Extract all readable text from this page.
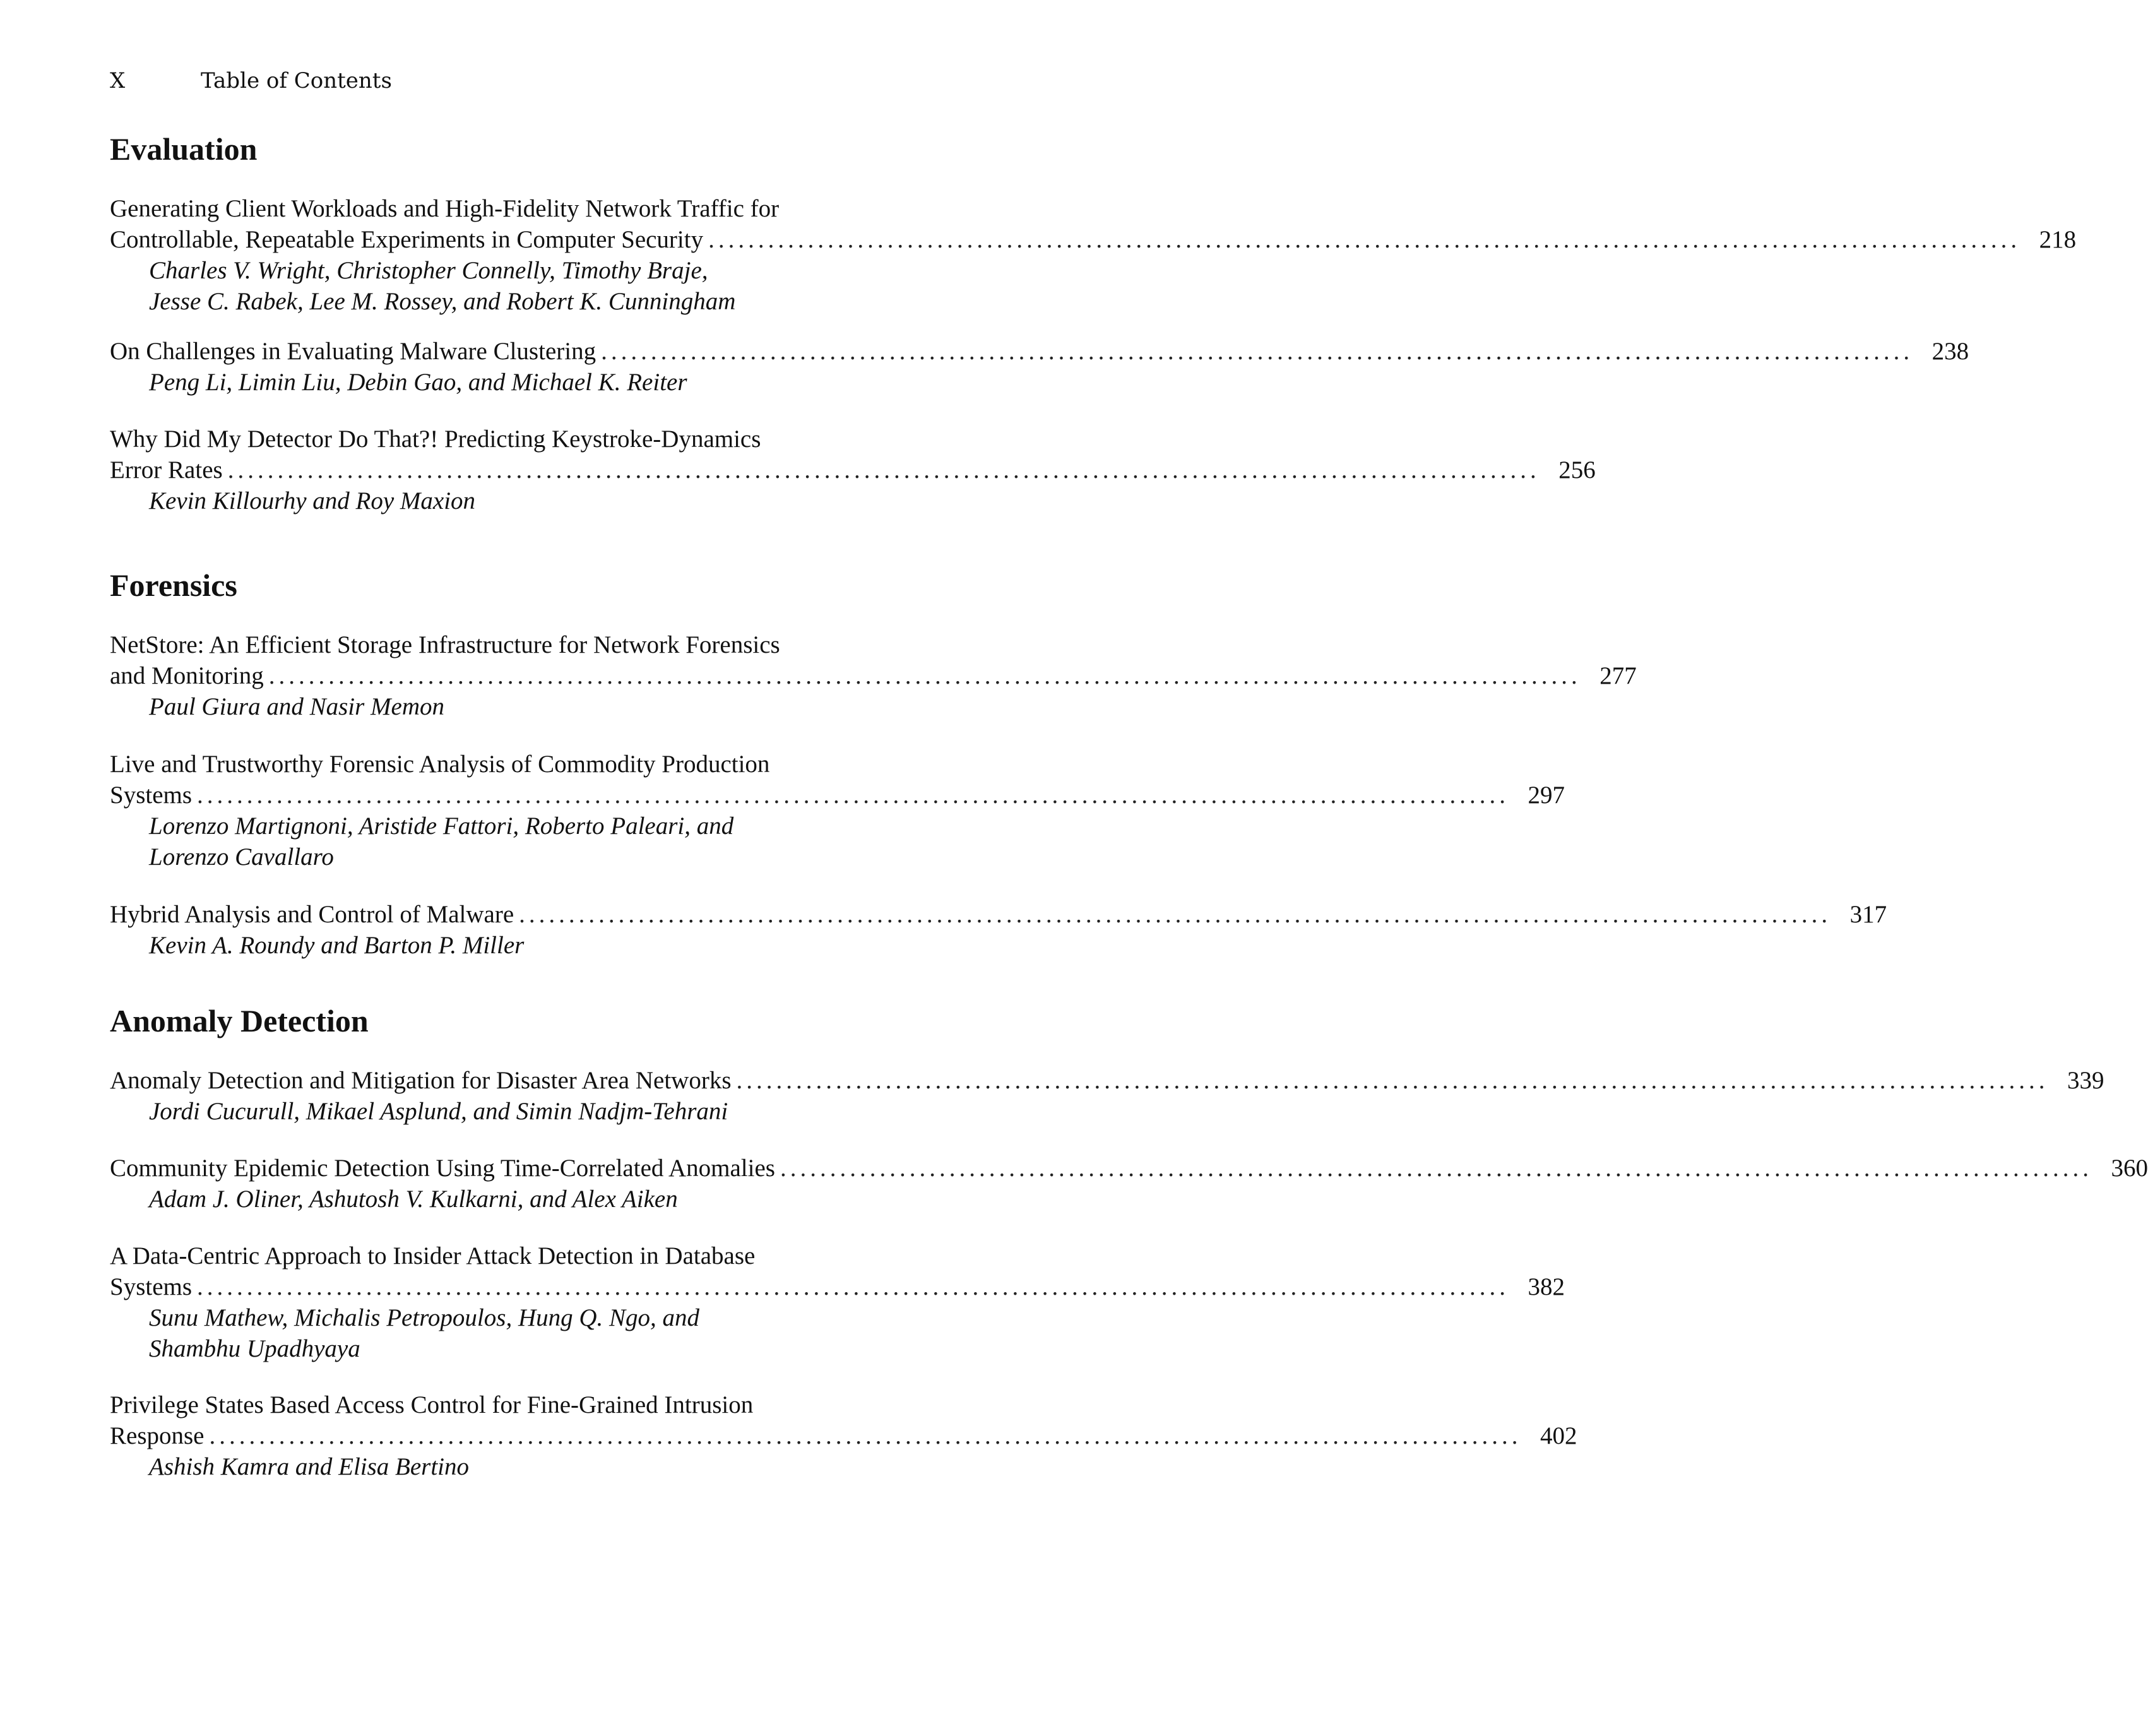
X	Table of Contents
Evaluation
Generating Client Workloads and High-Fidelity Network Traffic for
Controllable, Repeatable Experiments in Computer Security .................................................................................................................................... 218
Charles V. Wright, Christopher Connelly, Timothy Braje,
Jesse C. Rabek, Lee M. Rossey, and Robert K. Cunningham
On Challenges in Evaluating Malware Clustering .................................................................................................................................... 238
Peng Li, Limin Liu, Debin Gao, and Michael K. Reiter
Why Did My Detector Do That?! Predicting Keystroke-Dynamics
Error Rates .................................................................................................................................... 256
Kevin Killourhy and Roy Maxion
Forensics
NetStore: An Efficient Storage Infrastructure for Network Forensics
and Monitoring .................................................................................................................................... 277
Paul Giura and Nasir Memon
Live and Trustworthy Forensic Analysis of Commodity Production
Systems .................................................................................................................................... 297
Lorenzo Martignoni, Aristide Fattori, Roberto Paleari, and
Lorenzo Cavallaro
Hybrid Analysis and Control of Malware .................................................................................................................................... 317
Kevin A. Roundy and Barton P. Miller
Anomaly Detection
Anomaly Detection and Mitigation for Disaster Area Networks .................................................................................................................................... 339
Jordi Cucurull, Mikael Asplund, and Simin Nadjm-Tehrani
Community Epidemic Detection Using Time-Correlated Anomalies .................................................................................................................................... 360
Adam J. Oliner, Ashutosh V. Kulkarni, and Alex Aiken
A Data-Centric Approach to Insider Attack Detection in Database
Systems .................................................................................................................................... 382
Sunu Mathew, Michalis Petropoulos, Hung Q. Ngo, and
Shambhu Upadhyaya
Privilege States Based Access Control for Fine-Grained Intrusion
Response .................................................................................................................................... 402
Ashish Kamra and Elisa Bertino
